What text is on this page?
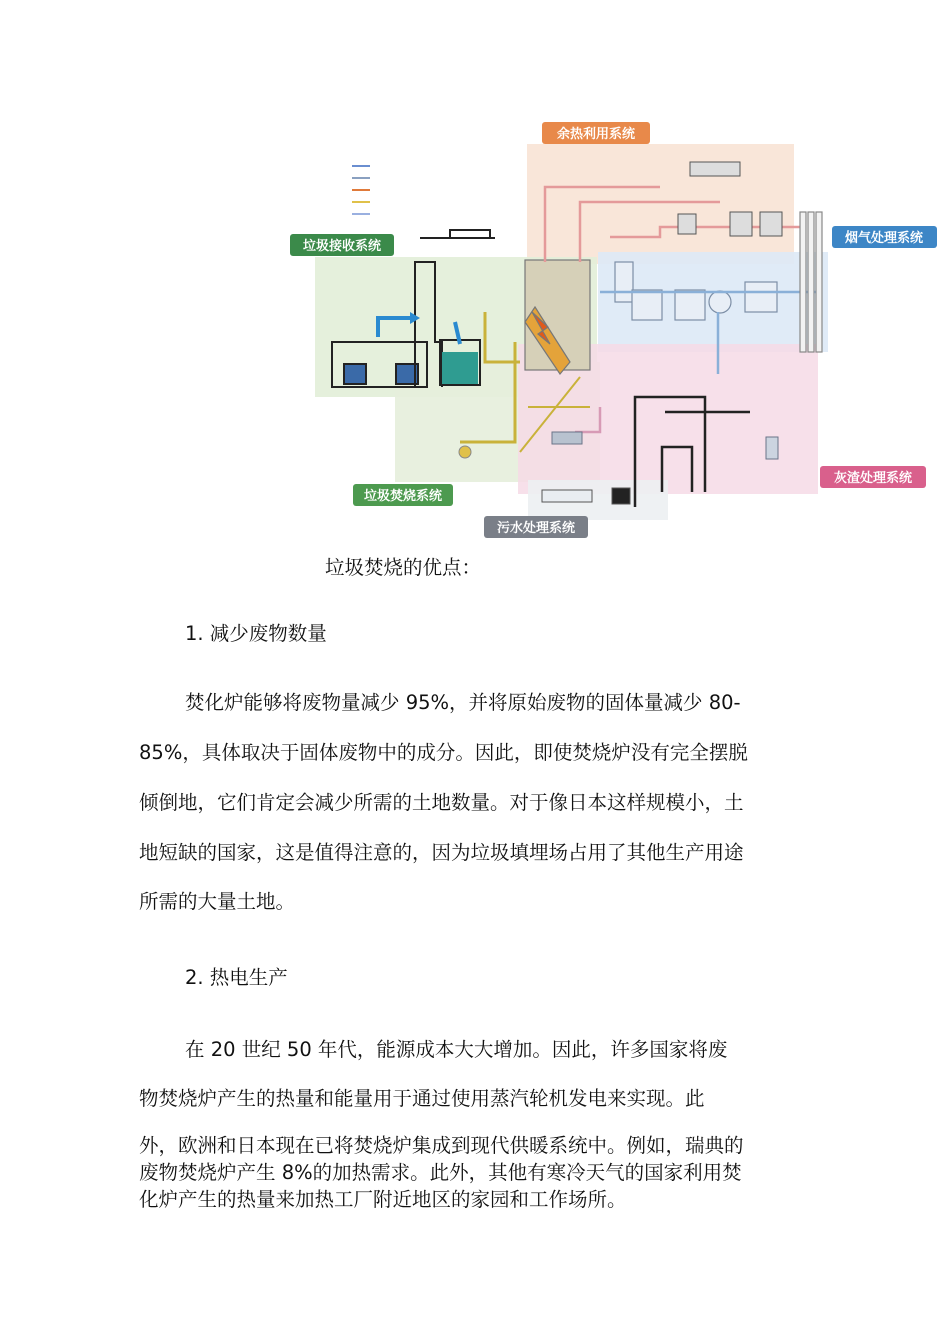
余热利用系统
垃圾接收系统
烟气处理系统
垃圾焚烧系统
灰渣处理系统
污水处理系统
垃圾焚烧的优点：
1. 减少废物数量
焚化炉能够将废物量减少 95%，并将原始废物的固体量减少 80-
85%，具体取决于固体废物中的成分。因此，即使焚烧炉没有完全摆脱
倾倒地，它们肯定会减少所需的土地数量。对于像日本这样规模小，土
地短缺的国家，这是值得注意的，因为垃圾填埋场占用了其他生产用途
所需的大量土地。
2. 热电生产
在 20 世纪 50 年代，能源成本大大增加。因此，许多国家将废
物焚烧炉产生的热量和能量用于通过使用蒸汽轮机发电来实现。此
外，欧洲和日本现在已将焚烧炉集成到现代供暖系统中。例如，瑞典的
废物焚烧炉产生 8%的加热需求。此外，其他有寒冷天气的国家利用焚
化炉产生的热量来加热工厂附近地区的家园和工作场所。
